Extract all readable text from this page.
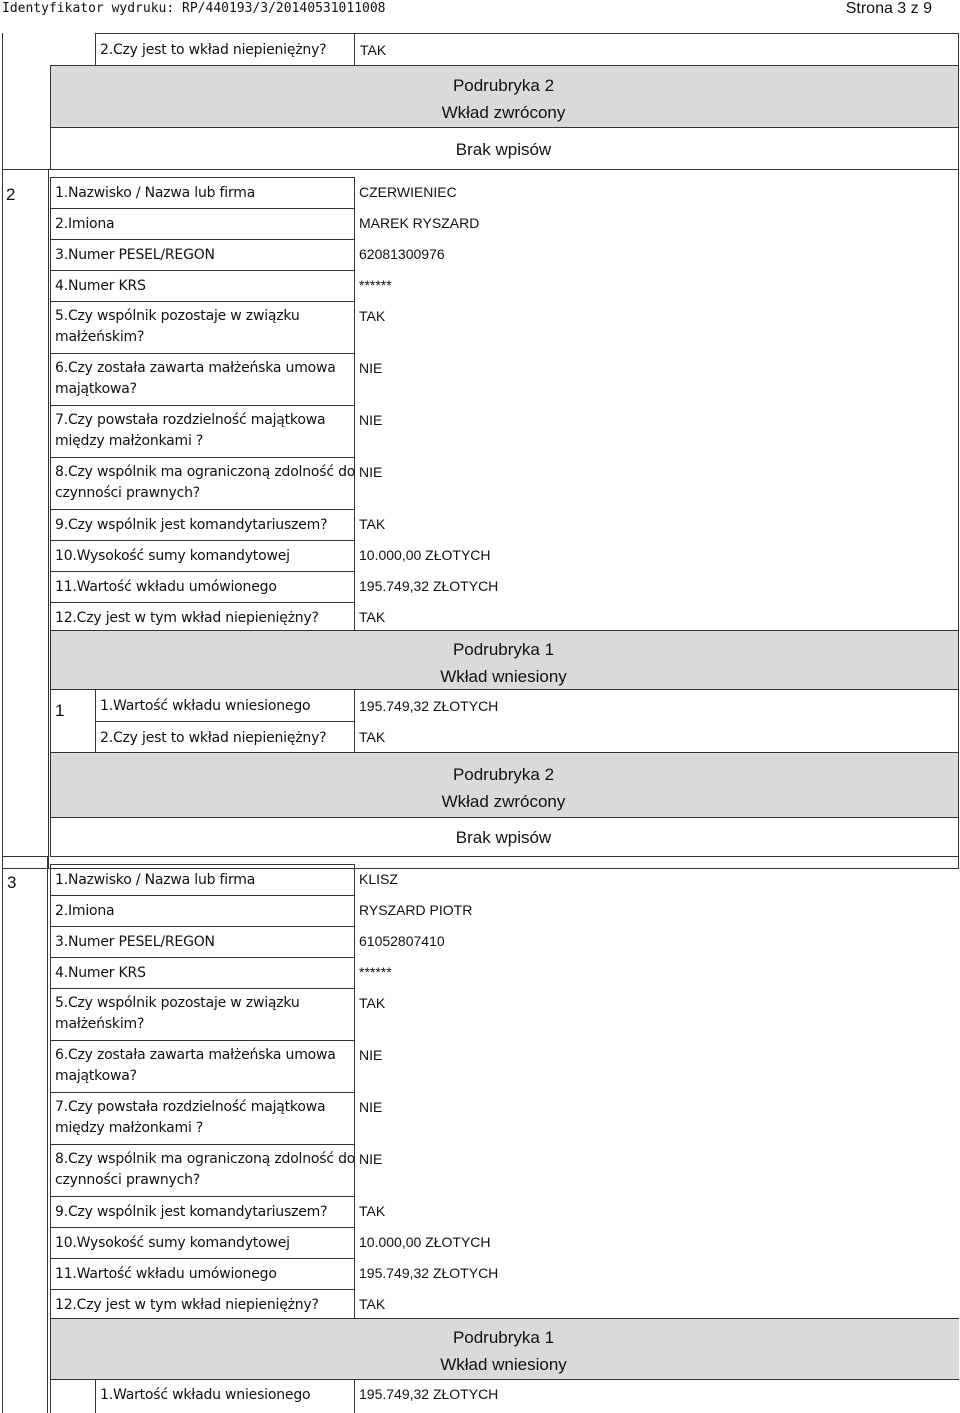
Identyfikator wydruku: RP/440193/3/20140531011008	Strona 3 z 9
2.Czy jest to wkład niepieniężny? TAK
Podrubryka 2
Wkład zwrócony
Brak wpisów
2	1.Nazwisko / Nazwa lub firma	CZERWIENIEC
2.Imiona	MAREK RYSZARD
3.Numer PESEL/REGON	62081300976
4.Numer KRS	******
5.Czy wspólnik pozostaje w związku
małżeńskim?
TAK
6.Czy została zawarta małżeńska umowa
majątkowa?
NIE
7.Czy powstała rozdzielność majątkowa
między małżonkami ?
NIE
8.Czy wspólnik ma ograniczoną zdolność do
czynności prawnych?
NIE
9.Czy wspólnik jest komandytariuszem? TAK
10.Wysokość sumy komandytowej	10.000,00 ZŁOTYCH
11.Wartość wkładu umówionego	195.749,32 ZŁOTYCH
12.Czy jest w tym wkład niepieniężny?	TAK
Podrubryka 1
Wkład wniesiony
1	1.Wartość wkładu wniesionego	195.749,32 ZŁOTYCH
2.Czy jest to wkład niepieniężny? TAK
Podrubryka 2
Wkład zwrócony
Brak wpisów
3	1.Nazwisko / Nazwa lub firma	KLISZ
2.Imiona	RYSZARD PIOTR
3.Numer PESEL/REGON	61052807410
4.Numer KRS	******
5.Czy wspólnik pozostaje w związku
małżeńskim?
TAK
6.Czy została zawarta małżeńska umowa
majątkowa?
NIE
7.Czy powstała rozdzielność majątkowa
między małżonkami ?
NIE
8.Czy wspólnik ma ograniczoną zdolność do
czynności prawnych?
NIE
9.Czy wspólnik jest komandytariuszem? TAK
10.Wysokość sumy komandytowej	10.000,00 ZŁOTYCH
11.Wartość wkładu umówionego	195.749,32 ZŁOTYCH
12.Czy jest w tym wkład niepieniężny?	TAK
Podrubryka 1
Wkład wniesiony
1.Wartość wkładu wniesionego	195.749,32 ZŁOTYCH
